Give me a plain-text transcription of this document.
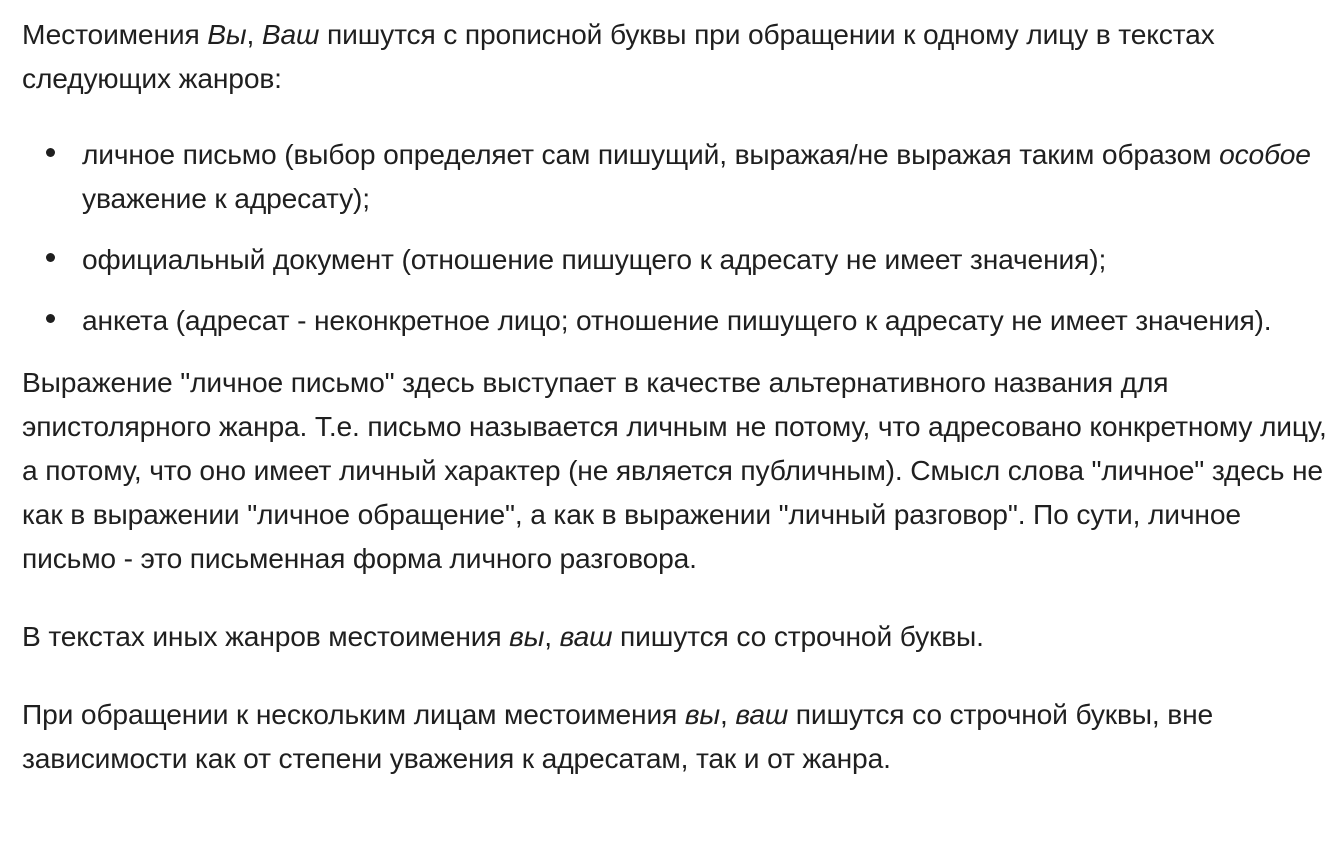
Местоимения Вы, Ваш пишутся с прописной буквы при обращении к одному лицу в текстах следующих жанров:

личное письмо (выбор определяет сам пишущий, выражая/не выражая таким образом особое уважение к адресату);
официальный документ (отношение пишущего к адресату не имеет значения);
анкета (адресат - неконкретное лицо; отношение пишущего к адресату не имеет значения).

Выражение "личное письмо" здесь выступает в качестве альтернативного названия для эпистолярного жанра. Т.е. письмо называется личным не потому, что адресовано конкретному лицу, а потому, что оно имеет личный характер (не является публичным). Смысл слова "личное" здесь не как в выражении "личное обращение", а как в выражении "личный разговор". По сути, личное письмо - это письменная форма личного разговора.

В текстах иных жанров местоимения вы, ваш пишутся со строчной буквы.

При обращении к нескольким лицам местоимения вы, ваш пишутся со строчной буквы, вне зависимости как от степени уважения к адресатам, так и от жанра.
